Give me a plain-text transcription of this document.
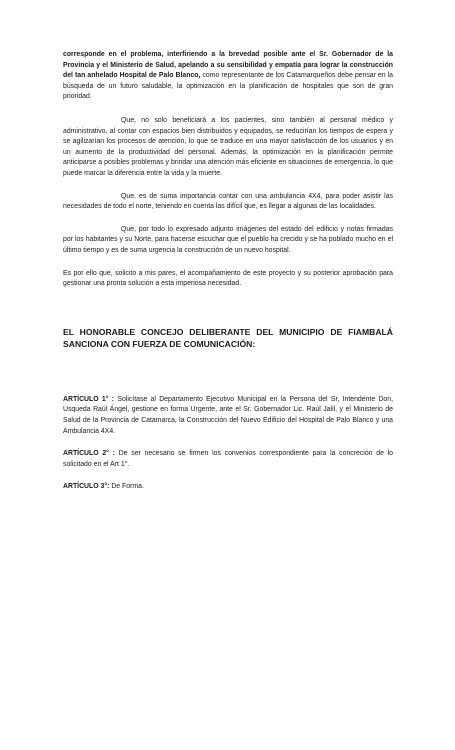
corresponde en el problema, interfiriendo a la brevedad posible ante el Sr. Gobernador de la Provincia y el Ministerio de Salud, apelando a su sensibilidad y empatía para lograr la construcción del tan anhelado Hospital de Palo Blanco, como representante de los Catamarqueños debe pensar en la búsqueda de un futuro saludable, la optimización en la planificación de hospitales que son de gran prioridad.

Que, no solo beneficiará a los pacientes, sino también al personal médico y administrativo, al contar con espacios bien distribuidos y equipados, se reducirían los tiempos de espera y se agilizarían los procesos de atención, lo que se traduce en una mayor satisfacción de los usuarios y en un aumento de la productividad del personal. Además, la optimización en la planificación permite anticiparse a posibles problemas y brindar una atención más eficiente en situaciones de emergencia, lo que puede marcar la diferencia entre la vida y la muerte.

Que, es de suma importancia contar con una ambulancia 4X4, para poder asistir las necesidades de todo el norte, teniendo en cuenta las difícil que, es llegar a algunas de las localidades.

Que, por todo lo expresado adjunto imágenes del estado del edificio y notas firmadas por los habitantes y su Norte, para hacerse escuchar que el pueblo ha crecido y se ha poblado mucho en el último tiempo y es de suma urgencia la construcción de un nuevo hospital.

Es por ello que, solicito a mis pares, el acompañamiento de este proyecto y su posterior aprobación para gestionar una pronta solución a esta imperiosa necesidad.

EL HONORABLE CONCEJO DELIBERANTE DEL MUNICIPIO DE FIAMBALÁ SANCIONA CON FUERZA DE COMUNICACIÓN:

ARTÍCULO 1° : Solicítase al Departamento Ejecutivo Municipal en la Persona del Sr, Intendente Don, Usqueda Raúl Ángel, gestione en forma Urgente, ante el Sr. Gobernador Lic. Raúl Jalil, y el Ministerio de Salud de la Provincia de Catamarca, la Construcción del Nuevo Edificio del Hospital de Palo Blanco y una Ambulancia 4X4.

ARTÍCULO 2° : De ser necesario se firmen los convenios correspondiente para la concreción de lo solicitado en el Art 1°.

ARTÍCULO 3°: De Forma.
